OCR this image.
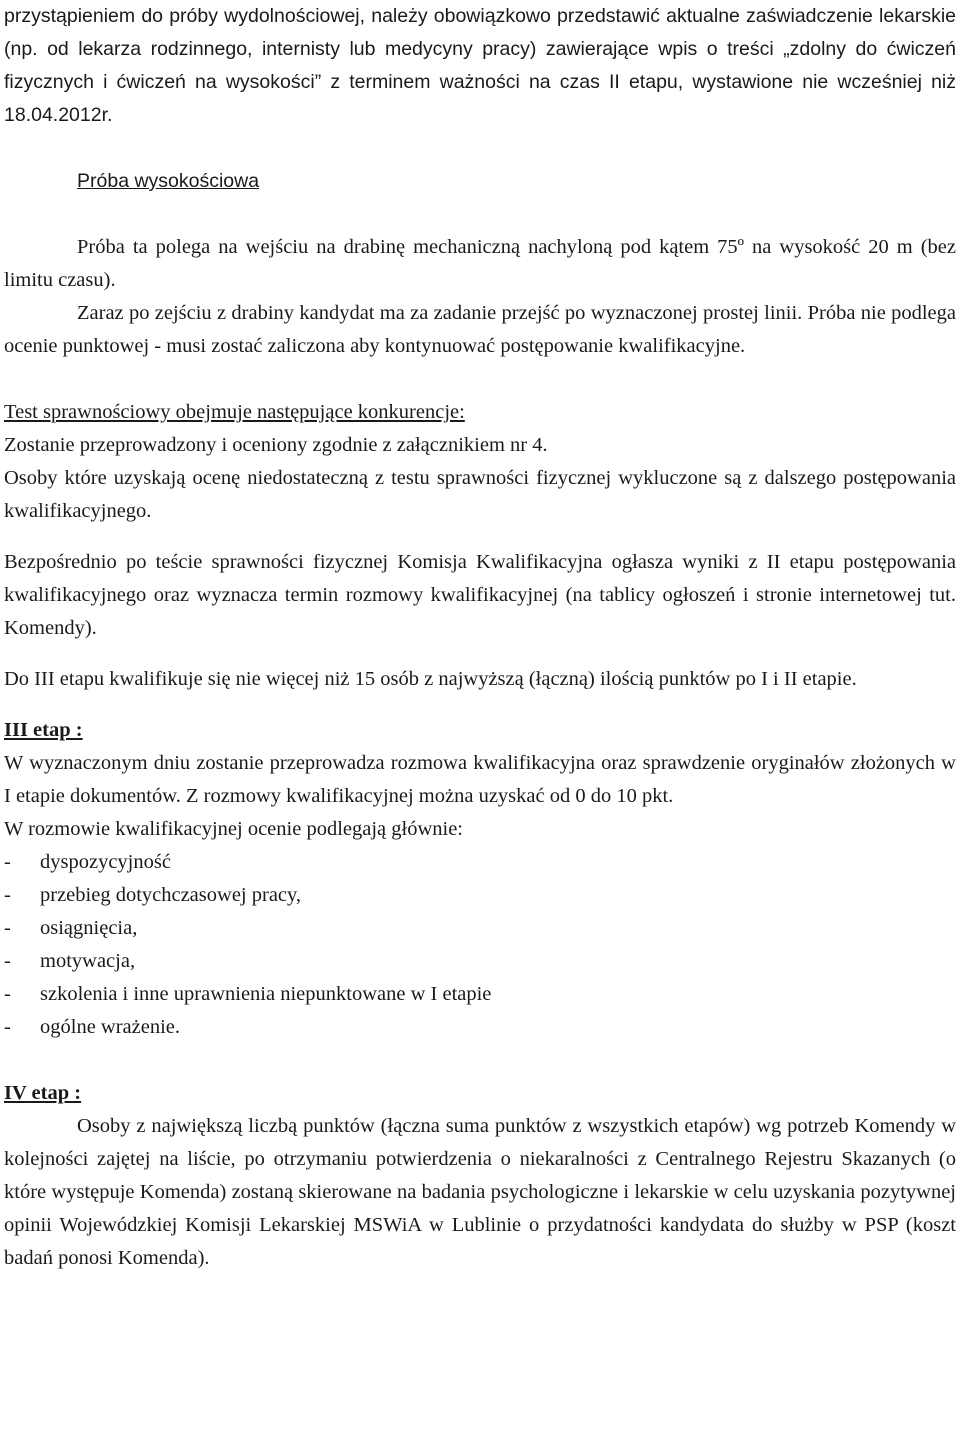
przystąpieniem do próby wydolnościowej, należy obowiązkowo przedstawić aktualne zaświadczenie lekarskie (np. od lekarza rodzinnego, internisty lub medycyny pracy) zawierające wpis o treści „zdolny do ćwiczeń fizycznych i ćwiczeń na wysokości” z terminem ważności na czas II etapu, wystawione nie wcześniej niż 18.04.2012r.

Próba wysokościowa

Próba ta polega na wejściu na drabinę mechaniczną nachyloną pod kątem 75º na wysokość 20 m (bez limitu czasu).

Zaraz po zejściu z drabiny kandydat ma za zadanie przejść po wyznaczonej prostej linii. Próba nie podlega ocenie punktowej - musi zostać zaliczona aby kontynuować postępowanie kwalifikacyjne.

Test sprawnościowy obejmuje następujące konkurencje:

Zostanie przeprowadzony i oceniony zgodnie z załącznikiem nr 4.

Osoby które uzyskają ocenę niedostateczną z testu sprawności fizycznej wykluczone są z dalszego postępowania kwalifikacyjnego.

Bezpośrednio po teście sprawności fizycznej Komisja Kwalifikacyjna ogłasza wyniki z II etapu postępowania kwalifikacyjnego oraz wyznacza termin rozmowy kwalifikacyjnej (na tablicy ogłoszeń i stronie internetowej tut. Komendy).

Do III etapu kwalifikuje się nie więcej niż 15 osób z najwyższą (łączną) ilością punktów po I i II etapie.

III etap :

W wyznaczonym dniu zostanie przeprowadza rozmowa kwalifikacyjna oraz sprawdzenie oryginałów złożonych w I etapie dokumentów. Z rozmowy kwalifikacyjnej można uzyskać od 0 do 10 pkt.

W rozmowie kwalifikacyjnej ocenie podlegają głównie:

- dyspozycyjność
- przebieg dotychczasowej pracy,
- osiągnięcia,
- motywacja,
- szkolenia i inne uprawnienia niepunktowane w I etapie
- ogólne wrażenie.

IV etap :

Osoby z największą liczbą punktów (łączna suma punktów z wszystkich etapów) wg potrzeb Komendy w kolejności zajętej na liście, po otrzymaniu potwierdzenia o niekaralności z Centralnego Rejestru Skazanych (o które występuje Komenda) zostaną skierowane na badania psychologiczne i lekarskie w celu uzyskania pozytywnej opinii Wojewódzkiej Komisji Lekarskiej MSWiA w Lublinie o przydatności kandydata do służby w PSP (koszt badań ponosi Komenda).
